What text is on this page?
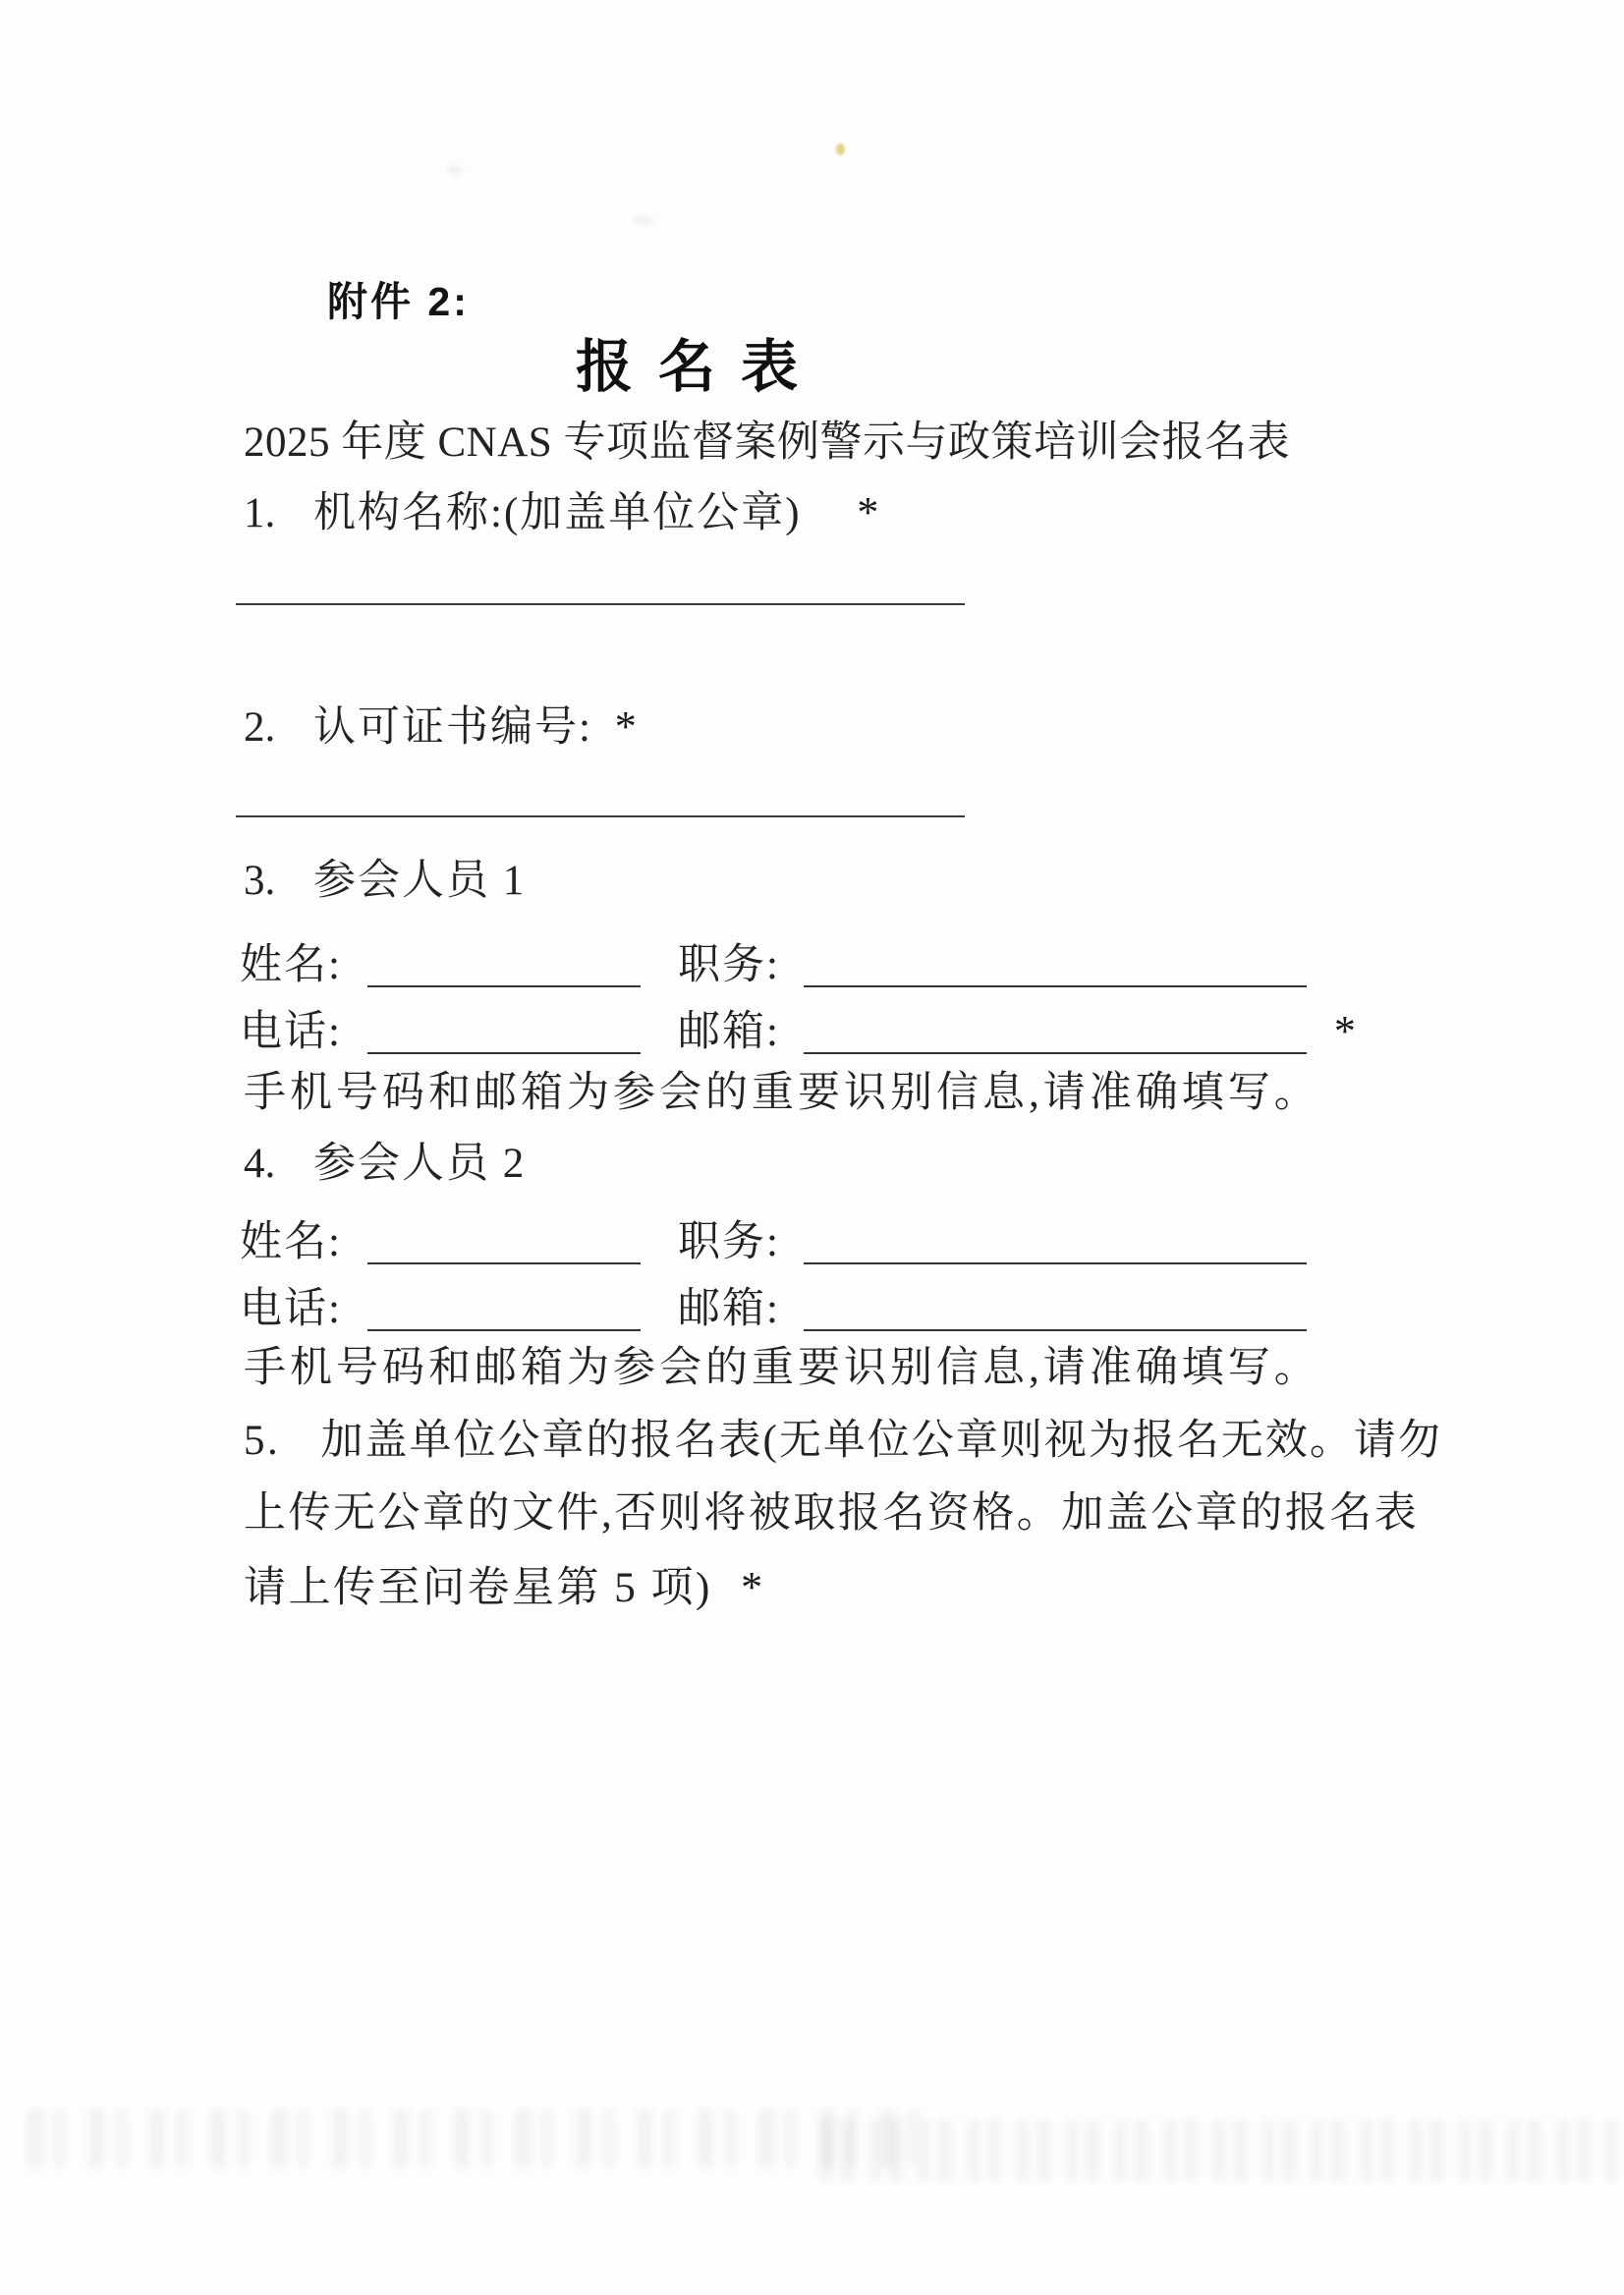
附件 2:
报名表
2025 年度 CNAS 专项监督案例警示与政策培训会报名表
1. 机构名称:(加盖单位公章) *
2. 认可证书编号: *
3. 参会人员 1
姓名:	职务:
电话:	邮箱:	*
手机号码和邮箱为参会的重要识别信息,请准确填写。
4. 参会人员 2
姓名:	职务:
电话:	邮箱:
手机号码和邮箱为参会的重要识别信息,请准确填写。
5. 加盖单位公章的报名表(无单位公章则视为报名无效。请勿
上传无公章的文件,否则将被取报名资格。加盖公章的报名表
请上传至问卷星第 5 项) *
